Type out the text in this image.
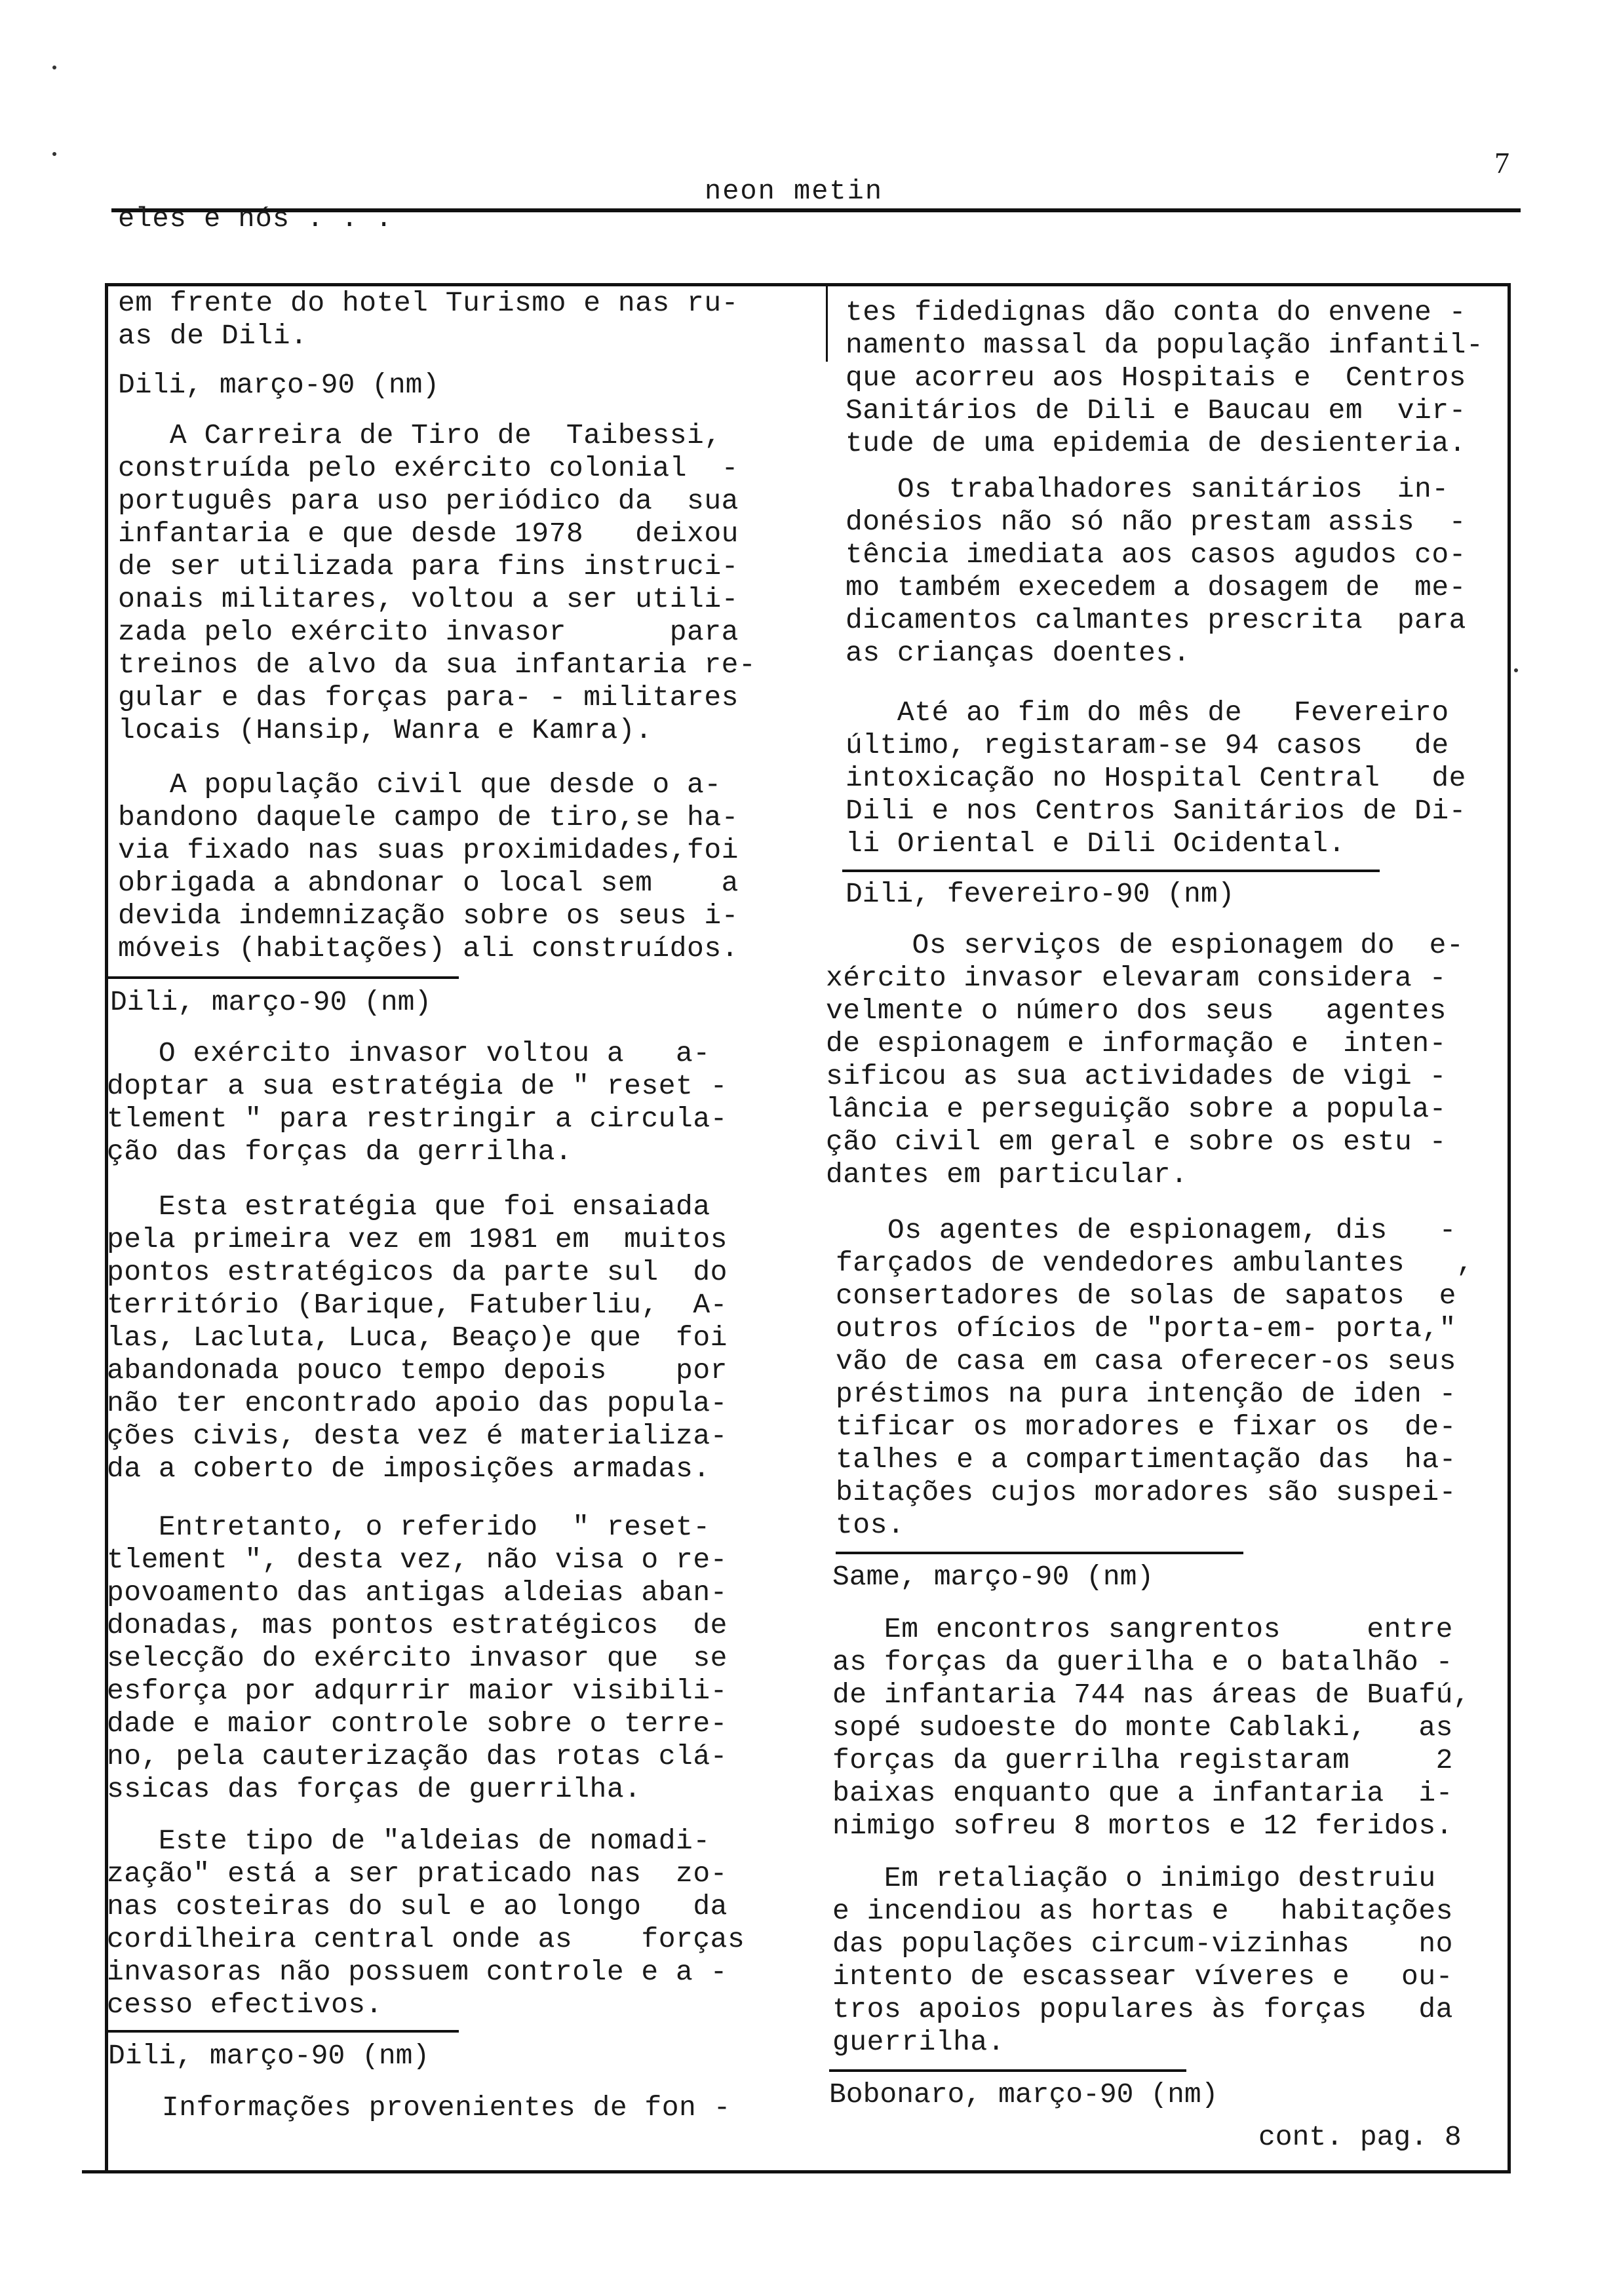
7
neon metin
eles e nós . . .
em frente do hotel Turismo e nas ru-
as de Dili.
Dili, março-90 (nm)
A Carreira de Tiro de  Taibessi,
construída pelo exército colonial  -
português para uso periódico da  sua
infantaria e que desde 1978   deixou
de ser utilizada para fins instruci-
onais militares, voltou a ser utili-
zada pelo exército invasor      para
treinos de alvo da sua infantaria re-
gular e das forças para- - militares
locais (Hansip, Wanra e Kamra).
A população civil que desde o a-
bandono daquele campo de tiro,se ha-
via fixado nas suas proximidades,foi
obrigada a abndonar o local sem    a
devida indemnização sobre os seus i-
móveis (habitações) ali construídos.
Dili, março-90 (nm)
O exército invasor voltou a   a-
doptar a sua estratégia de " reset -
tlement " para restringir a circula-
ção das forças da gerrilha.
Esta estratégia que foi ensaiada
pela primeira vez em 1981 em  muitos
pontos estratégicos da parte sul  do
território (Barique, Fatuberliu,  A-
las, Lacluta, Luca, Beaço)e que  foi
abandonada pouco tempo depois    por
não ter encontrado apoio das popula-
ções civis, desta vez é materializa-
da a coberto de imposições armadas.
Entretanto, o referido  " reset-
tlement ", desta vez, não visa o re-
povoamento das antigas aldeias aban-
donadas, mas pontos estratégicos  de
selecção do exército invasor que  se
esforça por adqurrir maior visibili-
dade e maior controle sobre o terre-
no, pela cauterização das rotas clá-
ssicas das forças de guerrilha.
Este tipo de "aldeias de nomadi-
zação" está a ser praticado nas  zo-
nas costeiras do sul e ao longo   da
cordilheira central onde as    forças
invasoras não possuem controle e a -
cesso efectivos.
Dili, março-90 (nm)
Informações provenientes de fon -
tes fidedignas dão conta do envene -
namento massal da população infantil-
que acorreu aos Hospitais e  Centros
Sanitários de Dili e Baucau em  vir-
tude de uma epidemia de desienteria.
Os trabalhadores sanitários  in-
donésios não só não prestam assis  -
tência imediata aos casos agudos co-
mo também execedem a dosagem de  me-
dicamentos calmantes prescrita  para
as crianças doentes.
Até ao fim do mês de   Fevereiro
último, registaram-se 94 casos   de
intoxicação no Hospital Central   de
Dili e nos Centros Sanitários de Di-
li Oriental e Dili Ocidental.
Dili, fevereiro-90 (nm)
Os serviços de espionagem do  e-
xército invasor elevaram considera -
velmente o número dos seus   agentes
de espionagem e informação e  inten-
sificou as sua actividades de vigi -
lância e perseguição sobre a popula-
ção civil em geral e sobre os estu -
dantes em particular.
Os agentes de espionagem, dis   -
farçados de vendedores ambulantes   ,
consertadores de solas de sapatos  e
outros ofícios de "porta-em- porta,"
vão de casa em casa oferecer-os seus
préstimos na pura intenção de iden -
tificar os moradores e fixar os  de-
talhes e a compartimentação das  ha-
bitações cujos moradores são suspei-
tos.
Same, março-90 (nm)
Em encontros sangrentos     entre
as forças da guerilha e o batalhão -
de infantaria 744 nas áreas de Buafú,
sopé sudoeste do monte Cablaki,   as
forças da guerrilha registaram     2
baixas enquanto que a infantaria  i-
nimigo sofreu 8 mortos e 12 feridos.
Em retaliação o inimigo destruiu
e incendiou as hortas e   habitações
das populações circum-vizinhas    no
intento de escassear víveres e   ou-
tros apoios populares às forças   da
guerrilha.
Bobonaro, março-90 (nm)
cont. pag. 8
